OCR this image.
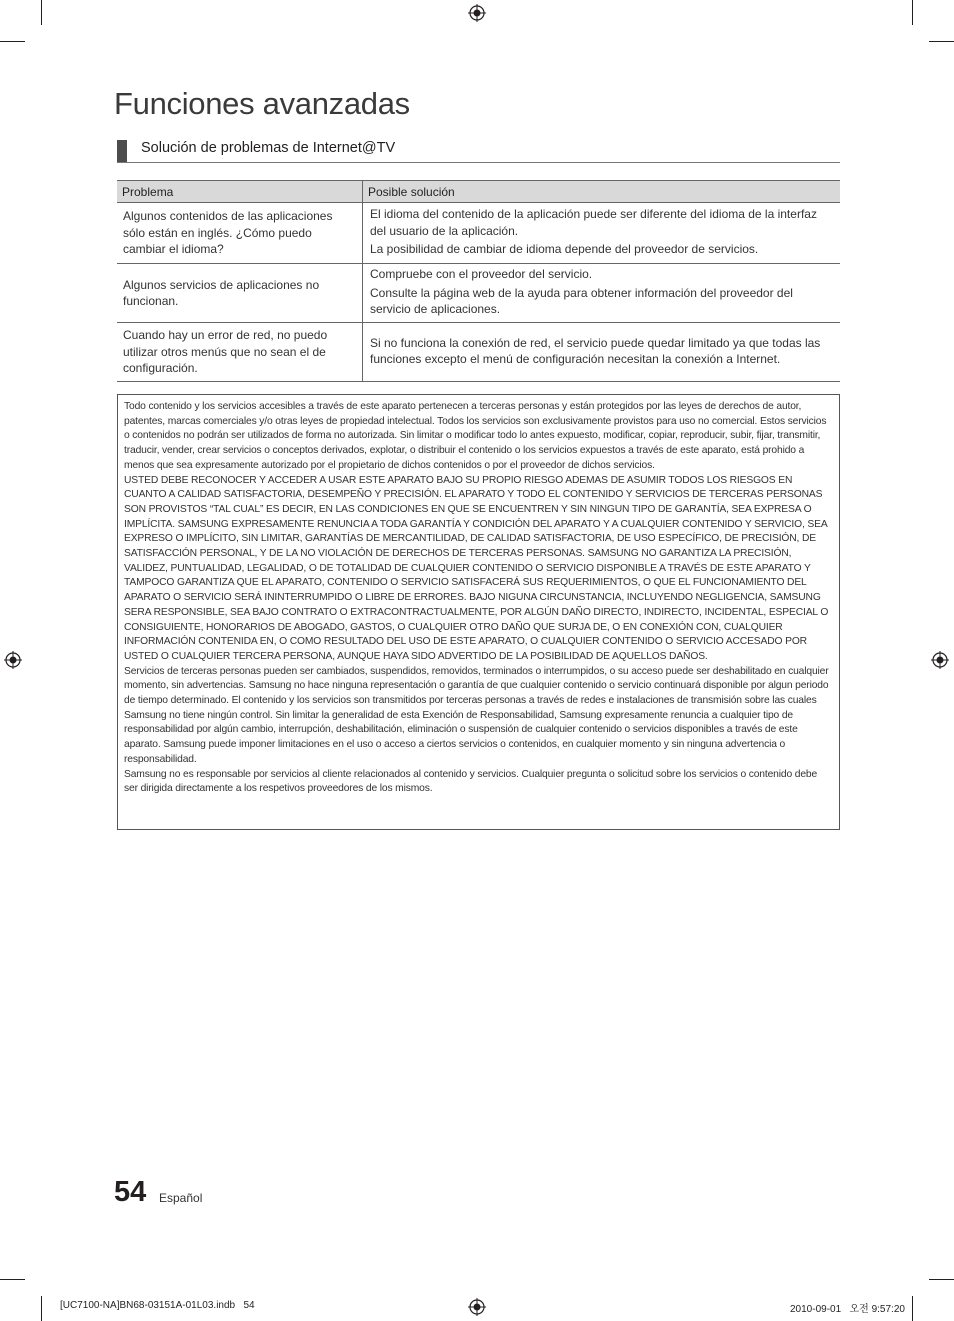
Funciones avanzadas
Solución de problemas de Internet@TV
Problema	Posible solución
Algunos contenidos de las aplicaciones sólo están en inglés. ¿Cómo puedo cambiar el idioma?	El idioma del contenido de la aplicación puede ser diferente del idioma de la interfaz del usuario de la aplicación.

La posibilidad de cambiar de idioma depende del proveedor de servicios.

Algunos servicios de aplicaciones no funcionan.	Compruebe con el proveedor del servicio.

Consulte la página web de la ayuda para obtener información del proveedor del servicio de aplicaciones.

Cuando hay un error de red, no puedo utilizar otros menús que no sean el de configuración.	Si no funciona la conexión de red, el servicio puede quedar limitado ya que todas las funciones excepto el menú de configuración necesitan la conexión a Internet.

Todo contenido y los servicios accesibles a través de este aparato pertenecen a terceras personas y están protegidos por las leyes de derechos de autor, patentes, marcas comerciales y/o otras leyes de propiedad intelectual. Todos los servicios son exclusivamente provistos para uso no comercial. Estos servicios o contenidos no podrán ser utilizados de forma no autorizada. Sin limitar o modificar todo lo antes expuesto, modificar, copiar, reproducir, subir, fijar, transmitir, traducir, vender, crear servicios o conceptos derivados, explotar, o distribuir el contenido o los servicios expuestos a través de este aparato, está prohido a menos que sea expresamente autorizado por el propietario de dichos contenidos o por el proveedor de dichos servicios.

USTED DEBE RECONOCER Y ACCEDER A USAR ESTE APARATO BAJO SU PROPIO RIESGO ADEMAS DE ASUMIR TODOS LOS RIESGOS EN CUANTO A CALIDAD SATISFACTORIA, DESEMPEÑO Y PRECISIÓN. EL APARATO Y TODO EL CONTENIDO Y SERVICIOS DE TERCERAS PERSONAS SON PROVISTOS “TAL CUAL” ES DECIR, EN LAS CONDICIONES EN QUE SE ENCUENTREN Y SIN NINGUN TIPO DE GARANTÍA, SEA EXPRESA O IMPLÍCITA. SAMSUNG EXPRESAMENTE RENUNCIA A TODA GARANTÍA Y CONDICIÓN DEL APARATO Y A CUALQUIER CONTENIDO Y SERVICIO, SEA EXPRESO O IMPLÍCITO, SIN LIMITAR, GARANTÍAS DE MERCANTILIDAD, DE CALIDAD SATISFACTORIA, DE USO ESPECÍFICO, DE PRECISIÓN, DE SATISFACCIÓN PERSONAL, Y DE LA NO VIOLACIÓN DE DERECHOS DE TERCERAS PERSONAS. SAMSUNG NO GARANTIZA LA PRECISIÓN, VALIDEZ, PUNTUALIDAD, LEGALIDAD, O DE TOTALIDAD DE CUALQUIER CONTENIDO O SERVICIO DISPONIBLE A TRAVÉS DE ESTE APARATO Y TAMPOCO GARANTIZA QUE EL APARATO, CONTENIDO O SERVICIO SATISFACERÁ SUS REQUERIMIENTOS, O QUE EL FUNCIONAMIENTO DEL APARATO O SERVICIO SERÁ ININTERRUMPIDO O LIBRE DE ERRORES. BAJO NIGUNA CIRCUNSTANCIA, INCLUYENDO NEGLIGENCIA, SAMSUNG SERA RESPONSIBLE, SEA BAJO CONTRATO O EXTRACONTRACTUALMENTE, POR ALGÚN DAÑO DIRECTO, INDIRECTO, INCIDENTAL, ESPECIAL O CONSIGUIENTE, HONORARIOS DE ABOGADO, GASTOS, O CUALQUIER OTRO DAÑO QUE SURJA DE, O EN CONEXIÓN CON, CUALQUIER INFORMACIÓN CONTENIDA EN, O COMO RESULTADO DEL USO DE ESTE APARATO, O CUALQUIER CONTENIDO O SERVICIO ACCESADO POR USTED O CUALQUIER TERCERA PERSONA, AUNQUE HAYA SIDO ADVERTIDO DE LA POSIBILIDAD DE AQUELLOS DAÑOS.

Servicios de terceras personas pueden ser cambiados, suspendidos, removidos, terminados o interrumpidos, o su acceso puede ser deshabilitado en cualquier momento, sin advertencias. Samsung no hace ninguna representación o garantía de que cualquier contenido o servicio continuará disponible por algun periodo de tiempo determinado. El contenido y los servicios son transmitidos por terceras personas a través de redes e instalaciones de transmisión sobre las cuales Samsung no tiene ningún control. Sin limitar la generalidad de esta Exención de Responsabilidad, Samsung expresamente renuncia a cualquier tipo de responsabilidad por algún cambio, interrupción, deshabilitación, eliminación o suspensión de cualquier contenido o servicios disponibles a través de este aparato. Samsung puede imponer limitaciones en el uso o acceso a ciertos servicios o contenidos, en cualquier momento y sin ninguna advertencia o responsabilidad.

Samsung no es responsable por servicios al cliente relacionados al contenido y servicios. Cualquier pregunta o solicitud sobre los servicios o contenido debe ser dirigida directamente a los respetivos proveedores de los mismos.

54 Español
[UC7100-NA]BN68-03151A-01L03.indb   54	2010-09-01   오전 9:57:20
